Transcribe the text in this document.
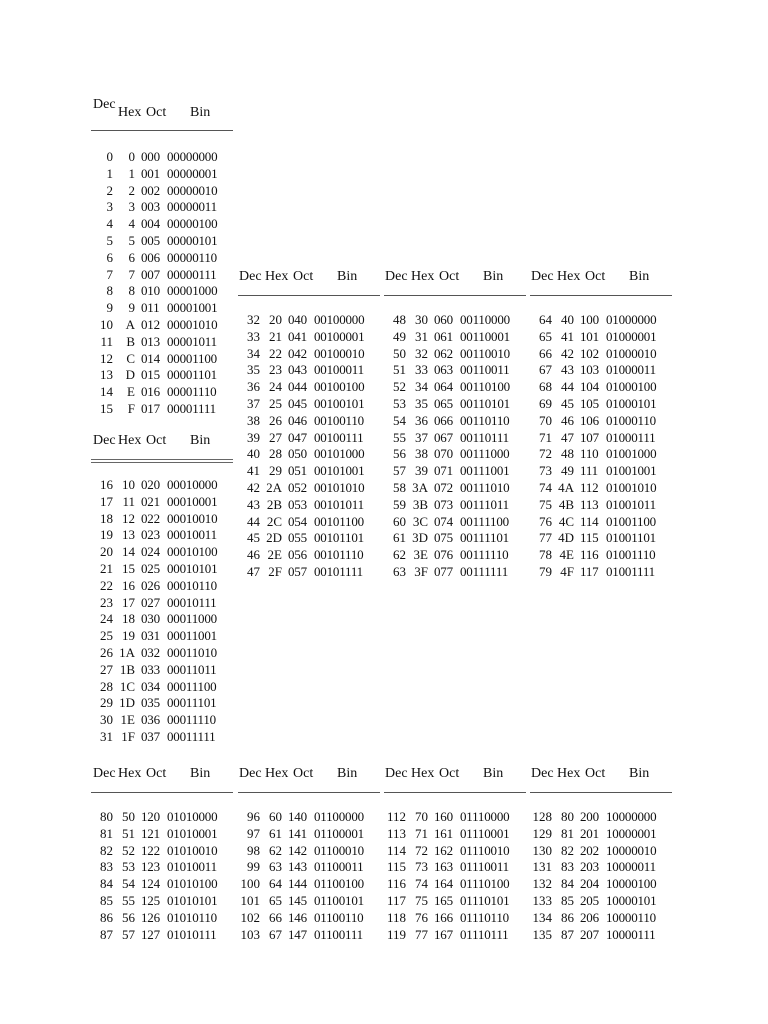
Dec
Hex Oct Bin
0	0 000 00000000
1	1 001 00000001
2	2 002 00000010
3	3 003 00000011
4	4 004 00000100
5	5 005 00000101
6	6 006 00000110
7	7 007 00000111
8	8 010 00001000
9	9 011 00001001
10 A 012 00001010
11	B 013 00001011
12	C 014 00001100
13 D 015 00001101
14	E 016 00001110
15	F 017 00001111
Dec Hex Oct Bin
16 10 020 00010000
17 11 021 00010001
18 12 022 00010010
19 13 023 00010011
20 14 024 00010100
21 15 025 00010101
22 16 026 00010110
23 17 027 00010111
24 18 030 00011000
25 19 031 00011001
26 1A 032 00011010
27 1B 033 00011011
28 1C 034 00011100
29 1D 035 00011101
30 1E 036 00011110
31 1F 037 00011111
Dec Hex Oct Bin
32 20 040 00100000
33 21 041 00100001
34 22 042 00100010
35 23 043 00100011
36 24 044 00100100
37 25 045 00100101
38 26 046 00100110
39 27 047 00100111
40 28 050 00101000
41 29 051 00101001
42 2A 052 00101010
43 2B 053 00101011
44 2C 054 00101100
45 2D 055 00101101
46 2E 056 00101110
47 2F 057 00101111
Dec Hex Oct Bin
48 30 060 00110000
49 31 061 00110001
50 32 062 00110010
51 33 063 00110011
52 34 064 00110100
53 35 065 00110101
54 36 066 00110110
55 37 067 00110111
56 38 070 00111000
57 39 071 00111001
58 3A 072 00111010
59 3B 073 00111011
60 3C 074 00111100
61 3D 075 00111101
62 3E 076 00111110
63 3F 077 00111111
Dec Hex Oct Bin
64 40 100 01000000
65 41 101 01000001
66 42 102 01000010
67 43 103 01000011
68 44 104 01000100
69 45 105 01000101
70 46 106 01000110
71 47 107 01000111
72 48 110 01001000
73 49 111 01001001
74 4A 112 01001010
75 4B 113 01001011
76 4C 114 01001100
77 4D 115 01001101
78 4E 116 01001110
79 4F 117 01001111
Dec Hex Oct Bin
80 50 120 01010000
81 51 121 01010001
82 52 122 01010010
83 53 123 01010011
84 54 124 01010100
85 55 125 01010101
86 56 126 01010110
87 57 127 01010111
Dec Hex Oct Bin
96 60 140 01100000
97 61 141 01100001
98 62 142 01100010
99 63 143 01100011
100 64 144 01100100
101 65 145 01100101
102 66 146 01100110
103 67 147 01100111
Dec Hex Oct Bin
112 70 160 01110000
113 71 161 01110001
114 72 162 01110010
115 73 163 01110011
116 74 164 01110100
117 75 165 01110101
118 76 166 01110110
119 77 167 01110111
Dec Hex Oct Bin
128 80 200 10000000
129 81 201 10000001
130 82 202 10000010
131 83 203 10000011
132 84 204 10000100
133 85 205 10000101
134 86 206 10000110
135 87 207 10000111
